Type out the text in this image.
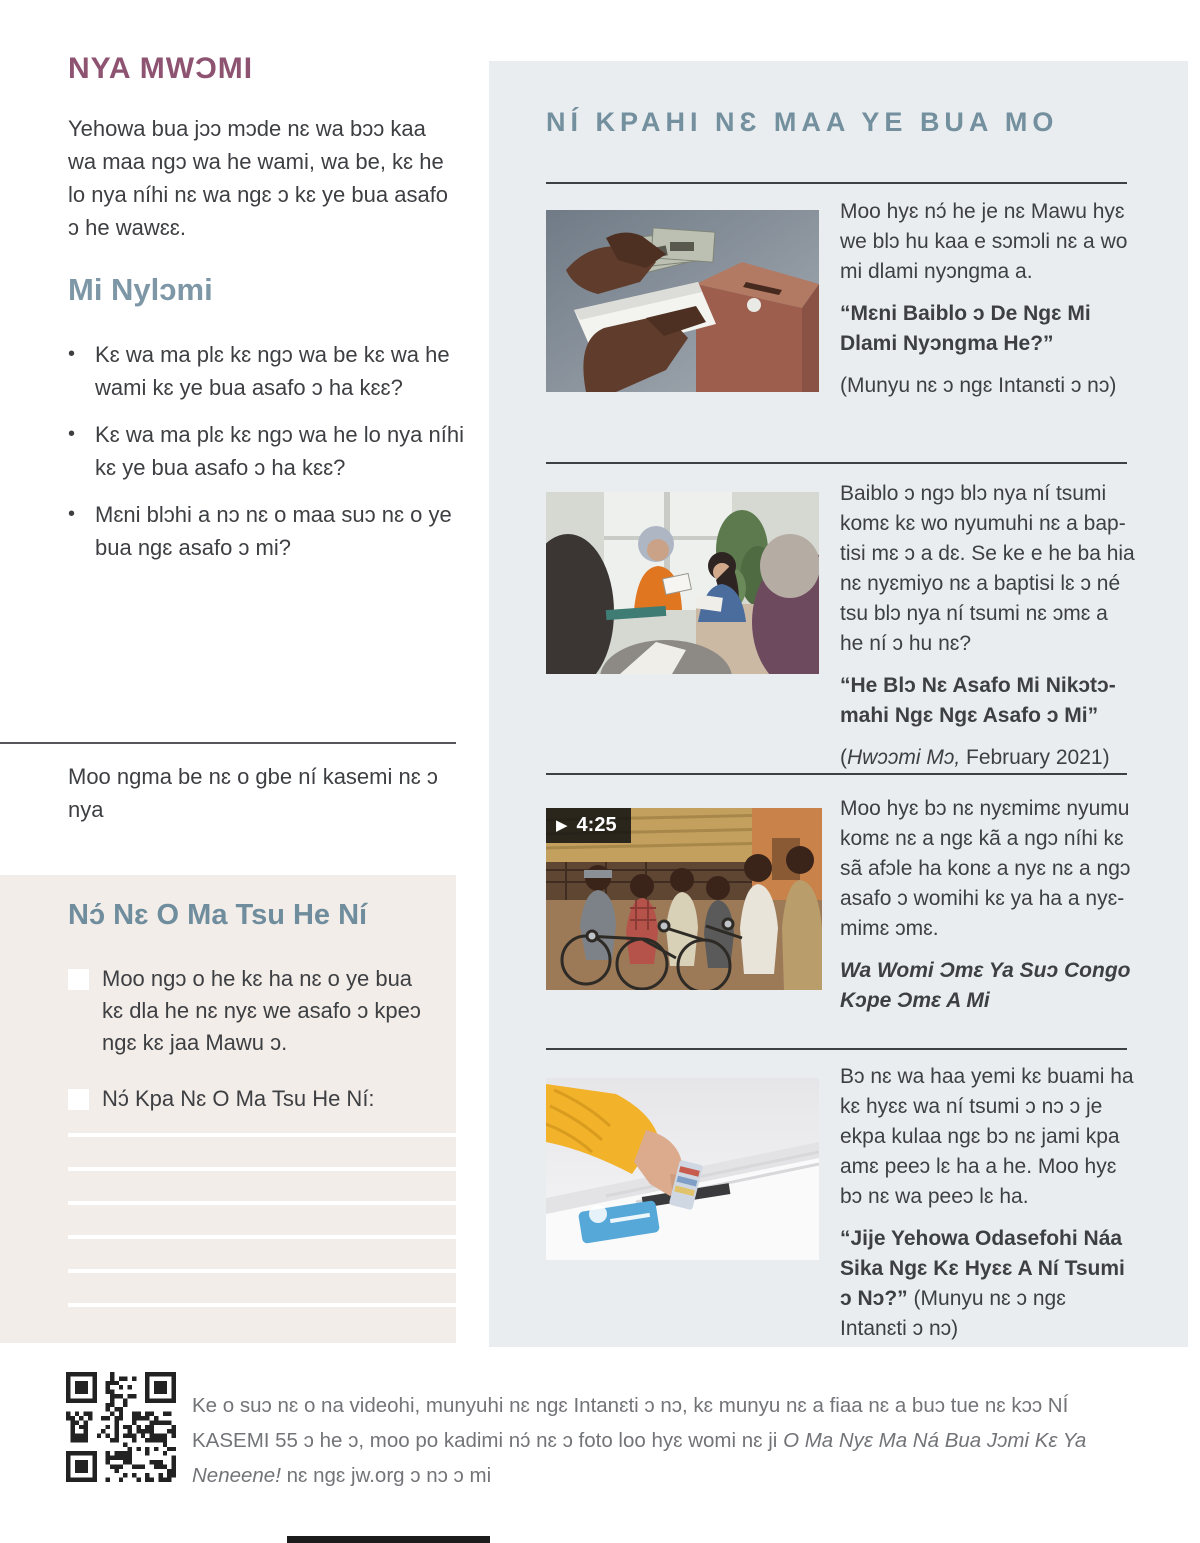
NYA MWƆMI

Yehowa bua jɔɔ mɔde nɛ wa bɔɔ kaa wa maa ngɔ wa he wami, wa be, kɛ he lo nya níhi nɛ wa ngɛ ɔ kɛ ye bua asafo ɔ he wawɛɛ.

Mi Nylɔmi
• Kɛ wa ma plɛ kɛ ngɔ wa be kɛ wa he wami kɛ ye bua asafo ɔ ha kɛɛ?
• Kɛ wa ma plɛ kɛ ngɔ wa he lo nya níhi kɛ ye bua asafo ɔ ha kɛɛ?
• Mɛni blɔhi a nɔ nɛ o maa suɔ nɛ o ye bua ngɛ asafo ɔ mi?

Moo ngma be nɛ o gbe ní kasemi nɛ ɔ nya

Nɔ́ Nɛ O Ma Tsu He Ní

Moo ngɔ o he kɛ ha nɛ o ye bua kɛ dla he nɛ nyɛ we asafo ɔ kpeɔ ngɛ kɛ jaa Mawu ɔ.

Nɔ́ Kpa Nɛ O Ma Tsu He Ní:

NÍ KPAHI NƐ MAA YE BUA MO

Moo hyɛ nɔ́ he je nɛ Mawu hyɛ we blɔ hu kaa e sɔmɔli nɛ a wo mi dlami nyɔngma a.

“Mɛni Baiblo ɔ De Ngɛ Mi Dlami Nyɔngma He?”

(Munyu nɛ ɔ ngɛ Intanɛti ɔ nɔ)

Baiblo ɔ ngɔ blɔ nya ní tsumi komɛ kɛ wo nyumuhi nɛ a baptisi mɛ ɔ a dɛ. Se ke e he ba hia nɛ nyɛmiyo nɛ a baptisi lɛ ɔ né tsu blɔ nya ní tsumi nɛ ɔmɛ a he ní ɔ hu nɛ?

“He Blɔ Nɛ Asafo Mi Nikɔtɔmahi Ngɛ Ngɛ Asafo ɔ Mi”

(Hwɔɔmi Mɔ, February 2021)

▶ 4:25

Moo hyɛ bɔ nɛ nyɛmimɛ nyumu komɛ nɛ a ngɛ kã a ngɔ níhi kɛ sã afɔle ha konɛ a nyɛ nɛ a ngɔ asafo ɔ womihi kɛ ya ha a nyɛmimɛ ɔmɛ.

Wa Womi Ɔmɛ Ya Suɔ Congo Kɔpe Ɔmɛ A Mi

Bɔ nɛ wa haa yemi kɛ buami ha kɛ hyɛɛ wa ní tsumi ɔ nɔ ɔ je ekpa kulaa ngɛ bɔ nɛ jami kpa amɛ peeɔ lɛ ha a he. Moo hyɛ bɔ nɛ wa peeɔ lɛ ha.

“Jije Yehowa Odasefohi Náa Sika Ngɛ Kɛ Hyɛɛ A Ní Tsumi ɔ Nɔ?” (Munyu nɛ ɔ ngɛ Intanɛti ɔ nɔ)

Ke o suɔ nɛ o na videohi, munyuhi nɛ ngɛ Intanɛti ɔ nɔ, kɛ munyu nɛ a fiaa nɛ a buɔ tue nɛ kɔɔ NÍ KASEMI 55 ɔ he ɔ, moo po kadimi nɔ́ nɛ ɔ foto loo hyɛ womi nɛ ji O Ma Nyɛ Ma Ná Bua Jɔmi Kɛ Ya Neneene! nɛ ngɛ jw.org ɔ nɔ ɔ mi
